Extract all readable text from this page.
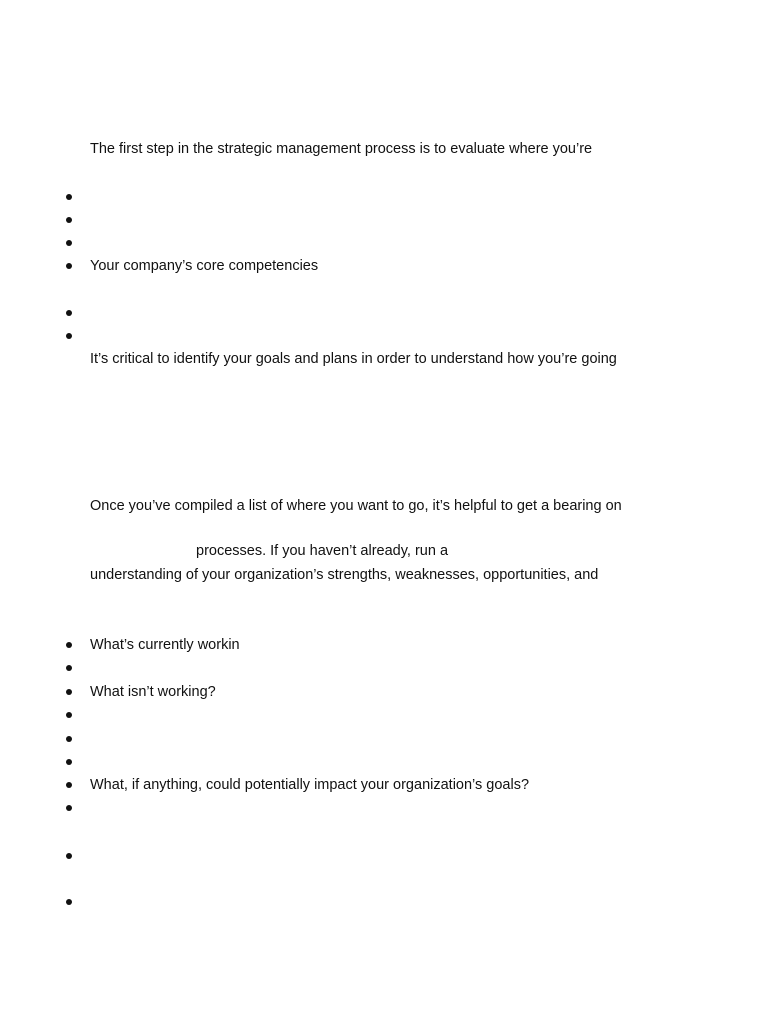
The first step in the strategic management process is to evaluate where you’re
Your company’s core competencies
It’s critical to identify your goals and plans in order to understand how you’re going
Once you’ve compiled a list of where you want to go, it’s helpful to get a bearing on
processes. If you haven’t already, run a
understanding of your organization’s strengths, weaknesses, opportunities, and
What’s currently workin
What isn’t working?
What, if anything, could potentially impact your organization’s goals?
